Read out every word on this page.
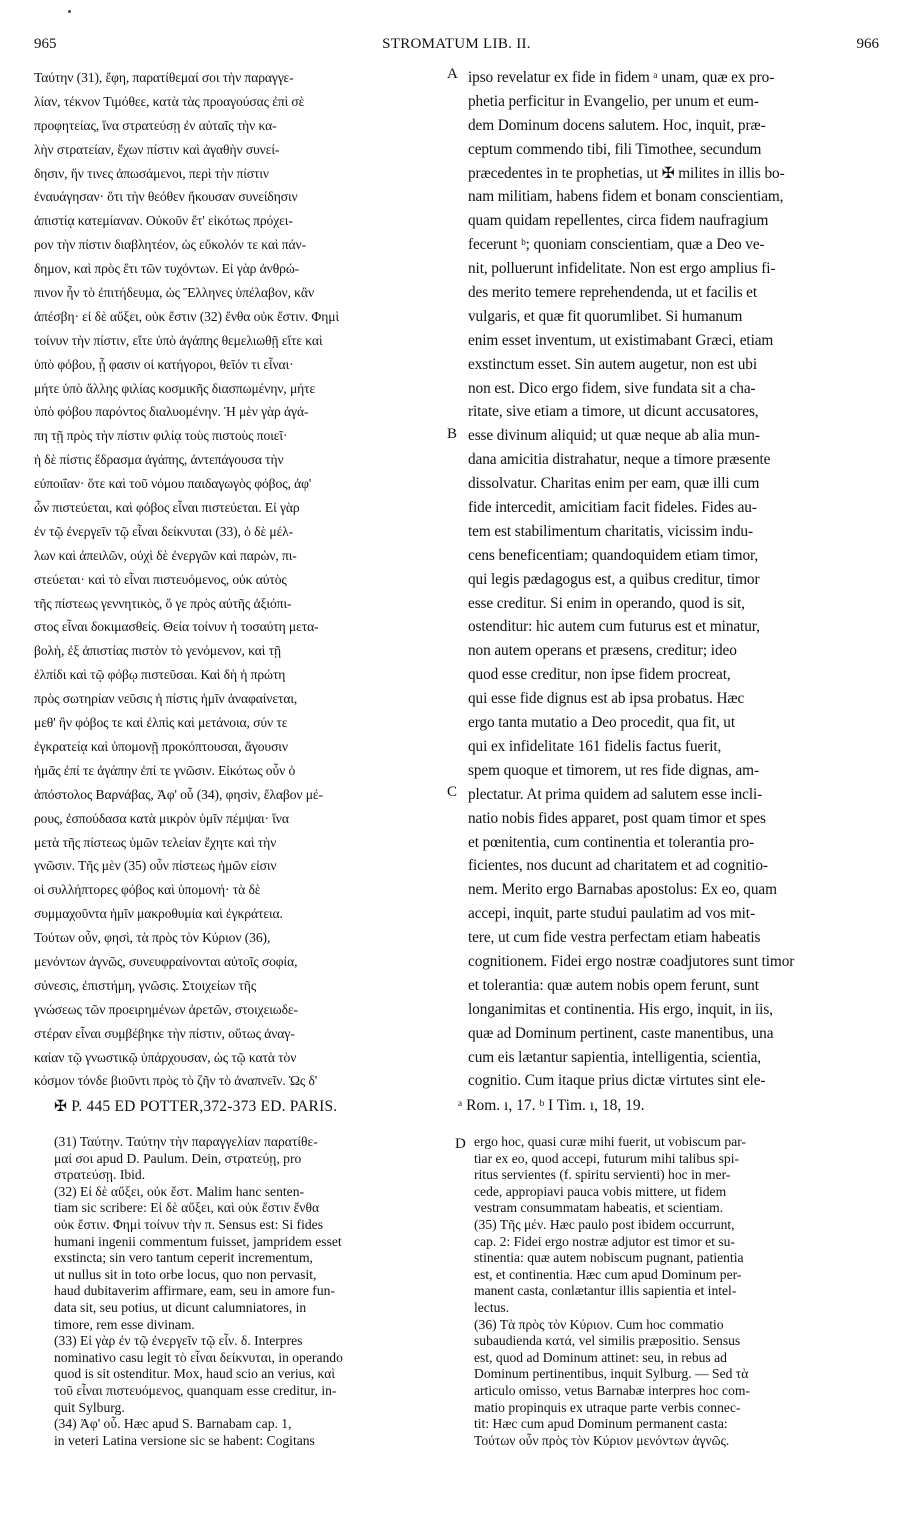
965	STROMATUM LIB. II.	966
Ταύτην (31), ἔφη, παρατίθεμαί σοι τὴν παραγγε-
λίαν, τέκνον Τιμόθεε, κατὰ τὰς προαγούσας ἐπὶ σὲ
προφητείας, ἵνα στρατεύσῃ ἐν αὐταῖς τὴν κα-
λὴν στρατείαν, ἔχων πίστιν καὶ ἀγαθὴν συνεί-
δησιν, ἥν τινες ἀπωσάμενοι, περὶ τὴν πίστιν
ἐναυάγησαν· ὅτι τὴν θεόθεν ἤκουσαν συνείδησιν
ἀπιστίᾳ κατεμίαναν. Οὐκοῦν ἔτ' εἰκότως πρόχει-
ρον τὴν πίστιν διαβλητέον, ὡς εὔκολόν τε καὶ πάν-
δημον, καὶ πρὸς ἔτι τῶν τυχόντων. Εἰ γὰρ ἀνθρώ-
πινον ἦν τὸ ἐπιτήδευμα, ὡς Ἕλληνες ὑπέλαβον, κἂν
ἀπέσβη· εἰ δὲ αὔξει, οὐκ ἔστιν (32) ἔνθα οὐκ ἔστιν. Φημὶ
τοίνυν τὴν πίστιν, εἴτε ὑπὸ ἀγάπης θεμελιωθῇ εἴτε καὶ
ὑπὸ φόβου, ᾗ φασιν οἱ κατήγοροι, θεῖόν τι εἶναι·
μήτε ὑπὸ ἄλλης φιλίας κοσμικῆς διασπωμένην, μήτε
ὑπὸ φόβου παρόντος διαλυομένην. Ἡ μὲν γὰρ ἀγά-
πη τῇ πρὸς τὴν πίστιν φιλίᾳ τοὺς πιστοὺς ποιεῖ·
ἡ δὲ πίστις ἕδρασμα ἀγάπης, ἀντεπάγουσα τὴν
εὐποιΐαν· ὅτε καὶ τοῦ νόμου παιδαγωγὸς φόβος, ἀφ'
ὧν πιστεύεται, καὶ φόβος εἶναι πιστεύεται. Εἰ γὰρ
ἐν τῷ ἐνεργεῖν τῷ εἶναι δείκνυται (33), ὁ δὲ μέλ-
λων καὶ ἀπειλῶν, οὐχὶ δὲ ἐνεργῶν καὶ παρὼν, πι-
στεύεται· καὶ τὸ εἶναι πιστευόμενος, οὐκ αὐτὸς
τῆς πίστεως γεννητικὸς, ὅ γε πρὸς αὐτῆς ἀξιόπι-
στος εἶναι δοκιμασθείς. Θεία τοίνυν ἡ τοσαύτη μετα-
βολὴ, ἐξ ἀπιστίας πιστὸν τὸ γενόμενον, καὶ τῇ
ἐλπίδι καὶ τῷ φόβῳ πιστεῦσαι. Καὶ δὴ ἡ πρώτη
πρὸς σωτηρίαν νεῦσις ἡ πίστις ἡμῖν ἀναφαίνεται,
μεθ' ἣν φόβος τε καὶ ἐλπὶς καὶ μετάνοια, σύν τε
ἐγκρατείᾳ καὶ ὑπομονῇ προκόπτουσαι, ἄγουσιν
ἡμᾶς ἐπί τε ἀγάπην ἐπί τε γνῶσιν. Εἰκότως οὖν ὁ
ἀπόστολος Βαρνάβας, Ἀφ' οὗ (34), φησὶν, ἔλαβον μέ-
ρους, ἐσπούδασα κατὰ μικρὸν ὑμῖν πέμψαι· ἵνα
μετὰ τῆς πίστεως ὑμῶν τελείαν ἔχητε καὶ τὴν
γνῶσιν. Τῆς μὲν (35) οὖν πίστεως ἡμῶν εἰσιν
οἱ συλλήπτορες φόβος καὶ ὑπομονή· τὰ δὲ
συμμαχοῦντα ἡμῖν μακροθυμία καὶ ἐγκράτεια.
Τούτων οὖν, φησὶ, τὰ πρὸς τὸν Κύριον (36),
μενόντων ἁγνῶς, συνευφραίνονται αὐτοῖς σοφία,
σύνεσις, ἐπιστήμη, γνῶσις. Στοιχείων τῆς
γνώσεως τῶν προειρημένων ἀρετῶν, στοιχειωδε-
στέραν εἶναι συμβέβηκε τὴν πίστιν, οὕτως ἀναγ-
καίαν τῷ γνωστικῷ ὑπάρχουσαν, ὡς τῷ κατὰ τὸν
κόσμον τόνδε βιοῦντι πρὸς τὸ ζῆν τὸ ἀναπνεῖν. Ὡς δ'
ipso revelatur ex fide in fidem ᵃ unam, quæ ex pro-
phetia perficitur in Evangelio, per unum et eum-
dem Dominum docens salutem. Hoc, inquit, præ-
ceptum commendo tibi, fili Timothee, secundum
præcedentes in te prophetias, ut ✠ milites in illis bo-
nam militiam, habens fidem et bonam conscientiam,
quam quidam repellentes, circa fidem naufragium
fecerunt ᵇ; quoniam conscientiam, quæ a Deo ve-
nit, polluerunt infidelitate. Non est ergo amplius fi-
des merito temere reprehendenda, ut et facilis et
vulgaris, et quæ fit quorumlibet. Si humanum
enim esset inventum, ut existimabant Græci, etiam
exstinctum esset. Sin autem augetur, non est ubi
non est. Dico ergo fidem, sive fundata sit a cha-
ritate, sive etiam a timore, ut dicunt accusatores,
esse divinum aliquid; ut quæ neque ab alia mun-
dana amicitia distrahatur, neque a timore præsente
dissolvatur. Charitas enim per eam, quæ illi cum
fide intercedit, amicitiam facit fideles. Fides au-
tem est stabilimentum charitatis, vicissim indu-
cens beneficentiam; quandoquidem etiam timor,
qui legis pædagogus est, a quibus creditur, timor
esse creditur. Si enim in operando, quod is sit,
ostenditur: hic autem cum futurus est et minatur,
non autem operans et præsens, creditur; ideo
quod esse creditur, non ipse fidem procreat,
qui esse fide dignus est ab ipsa probatus. Hæc
ergo tanta mutatio a Deo procedit, qua fit, ut
qui ex infidelitate 161 fidelis factus fuerit,
spem quoque et timorem, ut res fide dignas, am-
plectatur. At prima quidem ad salutem esse incli-
natio nobis fides apparet, post quam timor et spes
et pœnitentia, cum continentia et tolerantia pro-
ficientes, nos ducunt ad charitatem et ad cognitio-
nem. Merito ergo Barnabas apostolus: Ex eo, quam
accepi, inquit, parte studui paulatim ad vos mit-
tere, ut cum fide vestra perfectam etiam habeatis
cognitionem. Fidei ergo nostræ coadjutores sunt timor
et tolerantia: quæ autem nobis opem ferunt, sunt
longanimitas et continentia. His ergo, inquit, in iis,
quæ ad Dominum pertinent, caste manentibus, una
cum eis lætantur sapientia, intelligentia, scientia,
cognitio. Cum itaque prius dictæ virtutes sint ele-
A
B
C
✠ P. 445 ED POTTER,372-373 ED. PARIS.	ᵃ Rom. ı, 17. ᵇ I Tim. ı, 18, 19.
D
(31) Ταύτην. Ταύτην τὴν παραγγελίαν παρατίθε-
μαί σοι apud D. Paulum. Dein, στρατεύῃ, pro
στρατεύσῃ. Ibid.
(32) Εἰ δὲ αὔξει, οὐκ ἔστ. Malim hanc senten-
tiam sic scribere: Εἰ δὲ αὔξει, καὶ οὐκ ἔστιν ἔνθα
οὐκ ἔστιν. Φημὶ τοίνυν τὴν π. Sensus est: Si fides
humani ingenii commentum fuisset, jampridem esset
exstincta; sin vero tantum ceperit incrementum,
ut nullus sit in toto orbe locus, quo non pervasit,
haud dubitaverim affirmare, eam, seu in amore fun-
data sit, seu potius, ut dicunt calumniatores, in
timore, rem esse divinam.
(33) Εἰ γὰρ ἐν τῷ ἐνεργεῖν τῷ εἶν. δ. Interpres
nominativo casu legit τὸ εἶναι δείκνυται, in operando
quod is sit ostenditur. Mox, haud scio an verius, καὶ
τοῦ εἶναι πιστευόμενος, quanquam esse creditur, in-
quit Sylburg.
(34) Ἀφ' οὗ. Hæc apud S. Barnabam cap. 1,
in veteri Latina versione sic se habent: Cogitans
ergo hoc, quasi curæ mihi fuerit, ut vobiscum par-
tiar ex eo, quod accepi, futurum mihi talibus spi-
ritus servientes (f. spiritu servienti) hoc in mer-
cede, appropiavi pauca vobis mittere, ut fidem
vestram consummatam habeatis, et scientiam.
(35) Τῆς μέν. Hæc paulo post ibidem occurrunt,
cap. 2: Fidei ergo nostræ adjutor est timor et su-
stinentia: quæ autem nobiscum pugnant, patientia
est, et continentia. Hæc cum apud Dominum per-
manent casta, conlætantur illis sapientia et intel-
lectus.
(36) Τὰ πρὸς τὸν Κύριον. Cum hoc commatio
subaudienda κατά, vel similis præpositio. Sensus
est, quod ad Dominum attinet: seu, in rebus ad
Dominum pertinentibus, inquit Sylburg. — Sed τὰ
articulo omisso, vetus Barnabæ interpres hoc com-
matio propinquis ex utraque parte verbis connec-
tit: Hæc cum apud Dominum permanent casta:
Τούτων οὖν πρὸς τὸν Κύριον μενόντων ἁγνῶς.
